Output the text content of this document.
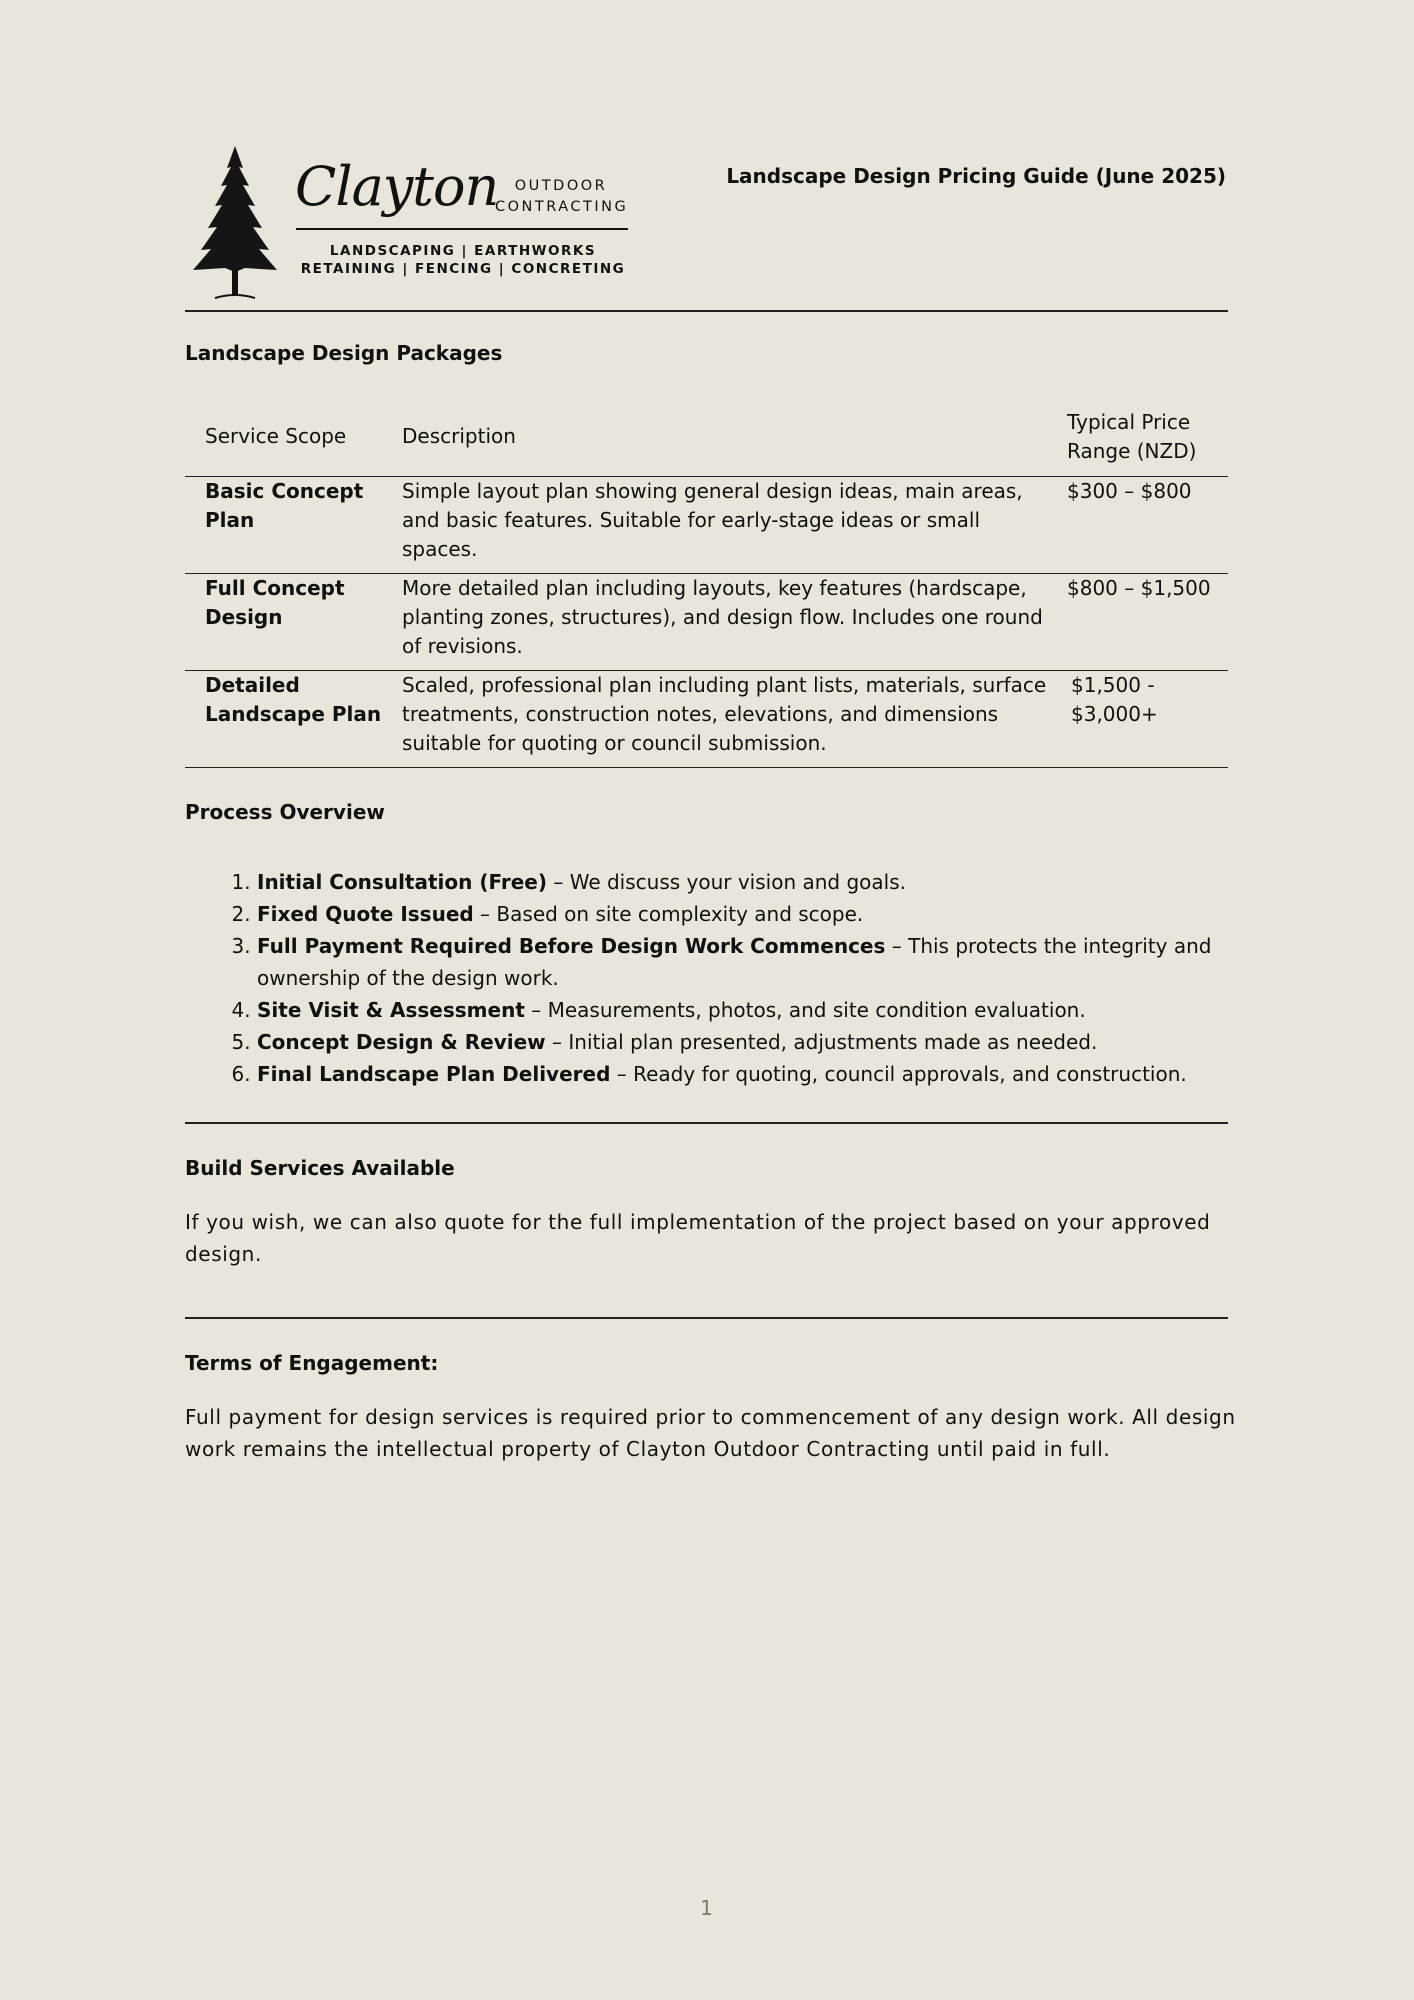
Clayton	OUTDOOR
CONTRACTING
LANDSCAPING | EARTHWORKS
RETAINING | FENCING | CONCRETING
Landscape Design Pricing Guide (June 2025)
Landscape Design Packages
Service Scope	Description	Typical Price
Range (NZD)

Basic Concept Plan	Simple layout plan showing general design ideas, main areas, and basic features. Suitable for early-stage ideas or small spaces.	$300 – $800
Full Concept Design	More detailed plan including layouts, key features (hardscape, planting zones, structures), and design flow. Includes one round of revisions.	$800 – $1,500
Detailed Landscape Plan	Scaled, professional plan including plant lists, materials, surface treatments, construction notes, elevations, and dimensions suitable for quoting or council submission.	$1,500 - $3,000+
Process Overview
1. Initial Consultation (Free) – We discuss your vision and goals.
2. Fixed Quote Issued – Based on site complexity and scope.
3. Full Payment Required Before Design Work Commences – This protects the integrity and ownership of the design work.
4. Site Visit & Assessment – Measurements, photos, and site condition evaluation.
5. Concept Design & Review – Initial plan presented, adjustments made as needed.
6. Final Landscape Plan Delivered – Ready for quoting, council approvals, and construction.
Build Services Available

If you wish, we can also quote for the full implementation of the project based on your approved design.

Terms of Engagement:

Full payment for design services is required prior to commencement of any design work. All design work remains the intellectual property of Clayton Outdoor Contracting until paid in full.

1
